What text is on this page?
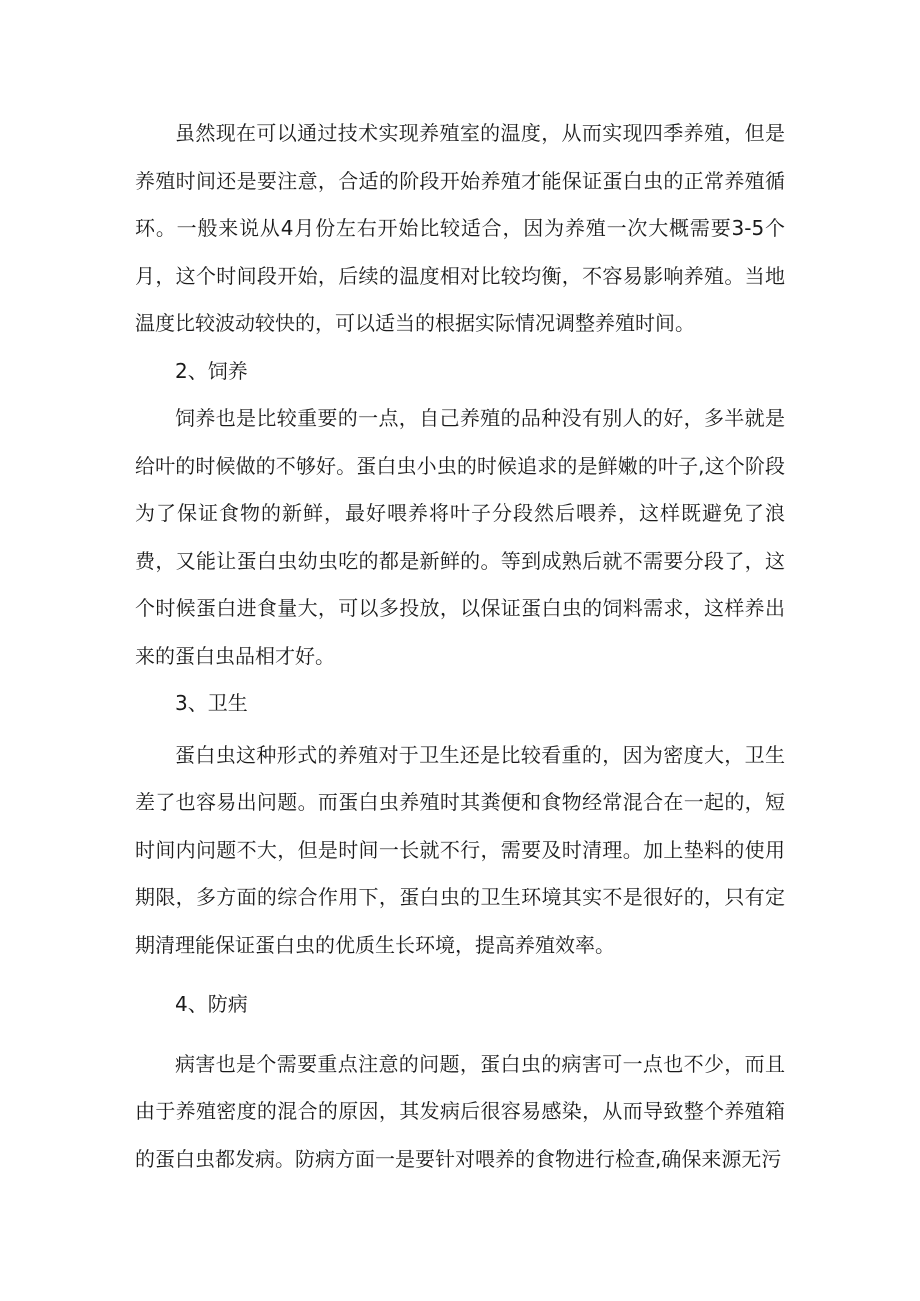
虽然现在可以通过技术实现养殖室的温度，从而实现四季养殖，但是养殖时间还是要注意，合适的阶段开始养殖才能保证蛋白虫的正常养殖循环。一般来说从4月份左右开始比较适合，因为养殖一次大概需要3-5个月，这个时间段开始，后续的温度相对比较均衡，不容易影响养殖。当地温度比较波动较快的，可以适当的根据实际情况调整养殖时间。

2、饲养

饲养也是比较重要的一点，自己养殖的品种没有别人的好，多半就是给叶的时候做的不够好。蛋白虫小虫的时候追求的是鲜嫩的叶子,这个阶段为了保证食物的新鲜，最好喂养将叶子分段然后喂养，这样既避免了浪费，又能让蛋白虫幼虫吃的都是新鲜的。等到成熟后就不需要分段了，这个时候蛋白进食量大，可以多投放，以保证蛋白虫的饲料需求，这样养出来的蛋白虫品相才好。

3、卫生

蛋白虫这种形式的养殖对于卫生还是比较看重的，因为密度大，卫生差了也容易出问题。而蛋白虫养殖时其粪便和食物经常混合在一起的，短时间内问题不大，但是时间一长就不行，需要及时清理。加上垫料的使用期限，多方面的综合作用下，蛋白虫的卫生环境其实不是很好的，只有定期清理能保证蛋白虫的优质生长环境，提高养殖效率。

4、防病

病害也是个需要重点注意的问题，蛋白虫的病害可一点也不少，而且由于养殖密度的混合的原因，其发病后很容易感染，从而导致整个养殖箱的蛋白虫都发病。防病方面一是要针对喂养的食物进行检查,确保来源无污
